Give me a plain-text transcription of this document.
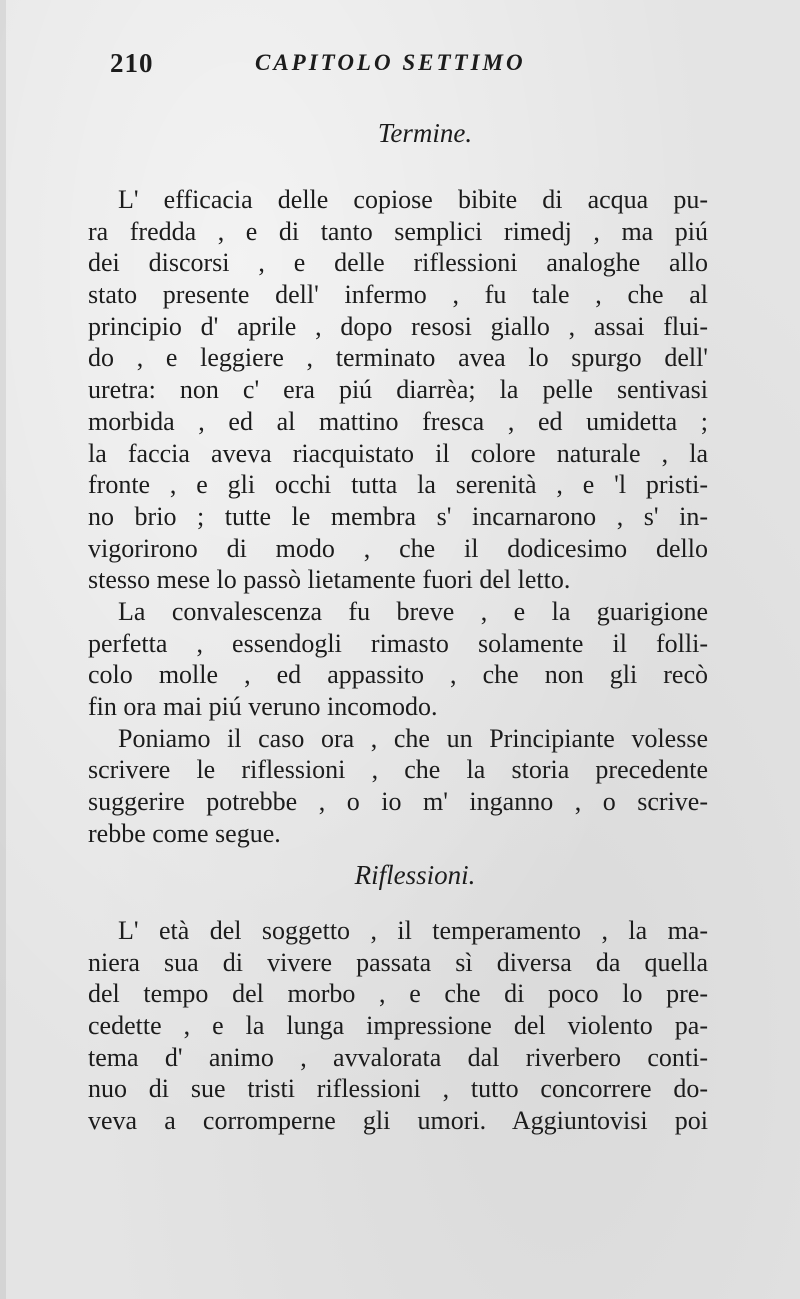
210	CAPITOLO SETTIMO
Termine.
L' efficacia delle copiose bibite di acqua pu-
ra fredda , e di tanto semplici rimedj , ma piú
dei discorsi , e delle riflessioni analoghe allo
stato presente dell' infermo , fu tale , che al
principio d' aprile , dopo resosi giallo , assai flui-
do , e leggiere , terminato avea lo spurgo dell'
uretra: non c' era piú diarrèa; la pelle sentivasi
morbida , ed al mattino fresca , ed umidetta ;
la faccia aveva riacquistato il colore naturale , la
fronte , e gli occhi tutta la serenità , e 'l pristi-
no brio ; tutte le membra s' incarnarono , s' in-
vigorirono di modo , che il dodicesimo dello
stesso mese lo passò lietamente fuori del letto.
La convalescenza fu breve , e la guarigione
perfetta , essendogli rimasto solamente il folli-
colo molle , ed appassito , che non gli recò
fin ora mai piú veruno incomodo.
Poniamo il caso ora , che un Principiante volesse
scrivere le riflessioni , che la storia precedente
suggerire potrebbe , o io m' inganno , o scrive-
rebbe come segue.
Riflessioni.
L' età del soggetto , il temperamento , la ma-
niera sua di vivere passata sì diversa da quella
del tempo del morbo , e che di poco lo pre-
cedette , e la lunga impressione del violento pa-
tema d' animo , avvalorata dal riverbero conti-
nuo di sue tristi riflessioni , tutto concorrere do-
veva a corromperne gli umori. Aggiuntovisi poi
